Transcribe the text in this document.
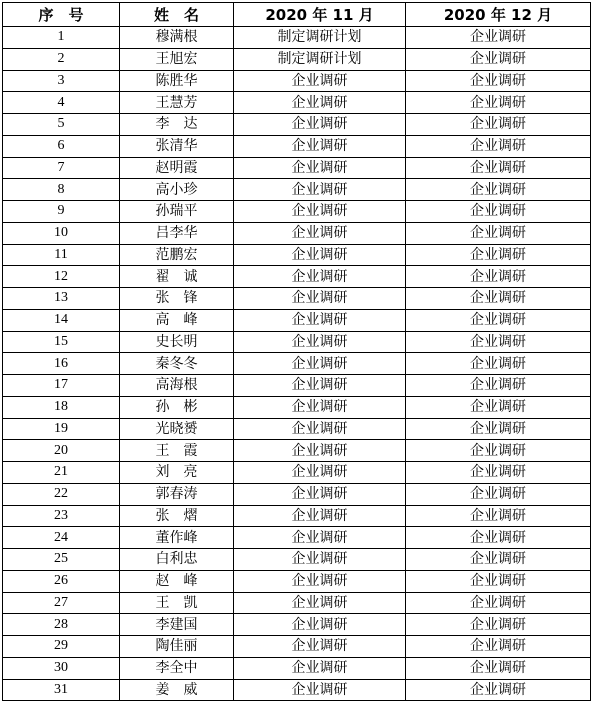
序　号	姓　名	2020 年 11 月	2020 年 12 月
1	穆满根	制定调研计划	企业调研
2	王旭宏	制定调研计划	企业调研
3	陈胜华	企业调研	企业调研
4	王慧芳	企业调研	企业调研
5	李　达	企业调研	企业调研
6	张清华	企业调研	企业调研
7	赵明霞	企业调研	企业调研
8	高小珍	企业调研	企业调研
9	孙瑞平	企业调研	企业调研
10	吕李华	企业调研	企业调研
11	范鹏宏	企业调研	企业调研
12	翟　诚	企业调研	企业调研
13	张　锋	企业调研	企业调研
14	高　峰	企业调研	企业调研
15	史长明	企业调研	企业调研
16	秦冬冬	企业调研	企业调研
17	高海根	企业调研	企业调研
18	孙　彬	企业调研	企业调研
19	光晓赟	企业调研	企业调研
20	王　霞	企业调研	企业调研
21	刘　亮	企业调研	企业调研
22	郭春涛	企业调研	企业调研
23	张　熠	企业调研	企业调研
24	董作峰	企业调研	企业调研
25	白利忠	企业调研	企业调研
26	赵　峰	企业调研	企业调研
27	王　凯	企业调研	企业调研
28	李建国	企业调研	企业调研
29	陶佳丽	企业调研	企业调研
30	李全中	企业调研	企业调研
31	姜　威	企业调研	企业调研
